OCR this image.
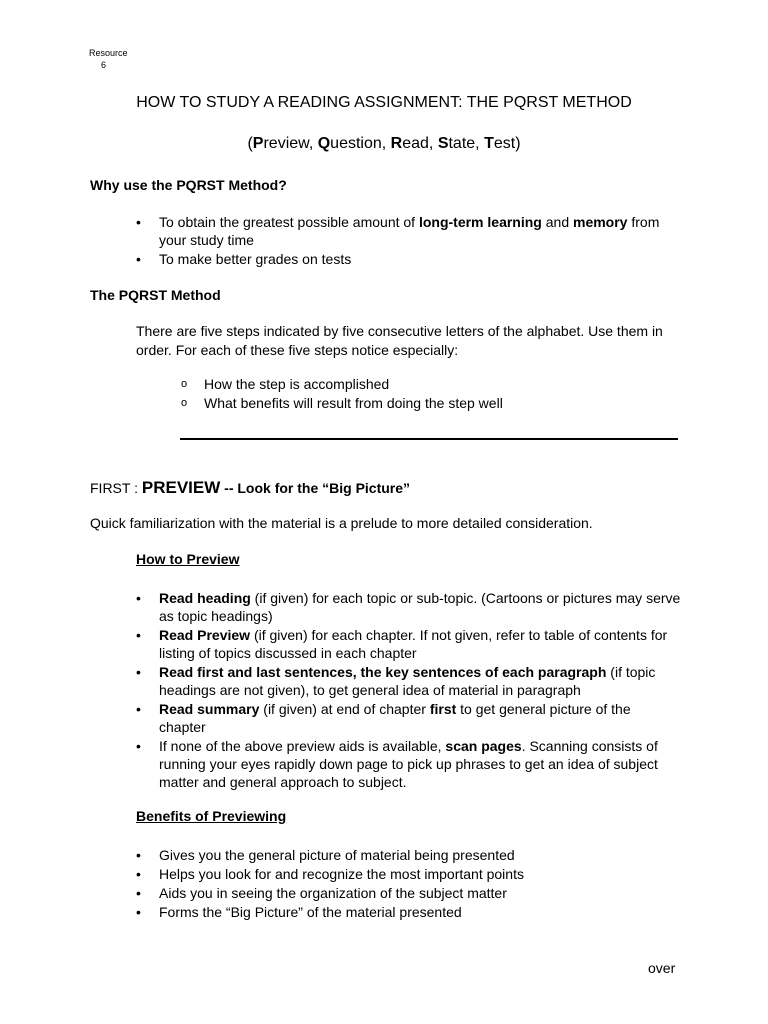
Resource
6
HOW TO STUDY A READING ASSIGNMENT: THE PQRST METHOD
(Preview, Question, Read, State, Test)
Why use the PQRST Method?
• To obtain the greatest possible amount of long-term learning and memory from your study time
• To make better grades on tests
The PQRST Method

There are five steps indicated by five consecutive letters of the alphabet. Use them in order. For each of these five steps notice especially:

o How the step is accomplished
o What benefits will result from doing the step well
FIRST : PREVIEW -- Look for the “Big Picture”
Quick familiarization with the material is a prelude to more detailed consideration.
How to Preview
• Read heading (if given) for each topic or sub-topic. (Cartoons or pictures may serve as topic headings)
• Read Preview (if given) for each chapter. If not given, refer to table of contents for listing of topics discussed in each chapter
• Read first and last sentences, the key sentences of each paragraph (if topic headings are not given), to get general idea of material in paragraph
• Read summary (if given) at end of chapter first to get general picture of the chapter
• If none of the above preview aids is available, scan pages. Scanning consists of running your eyes rapidly down page to pick up phrases to get an idea of subject matter and general approach to subject.
Benefits of Previewing
• Gives you the general picture of material being presented
• Helps you look for and recognize the most important points
• Aids you in seeing the organization of the subject matter
• Forms the “Big Picture” of the material presented
over
